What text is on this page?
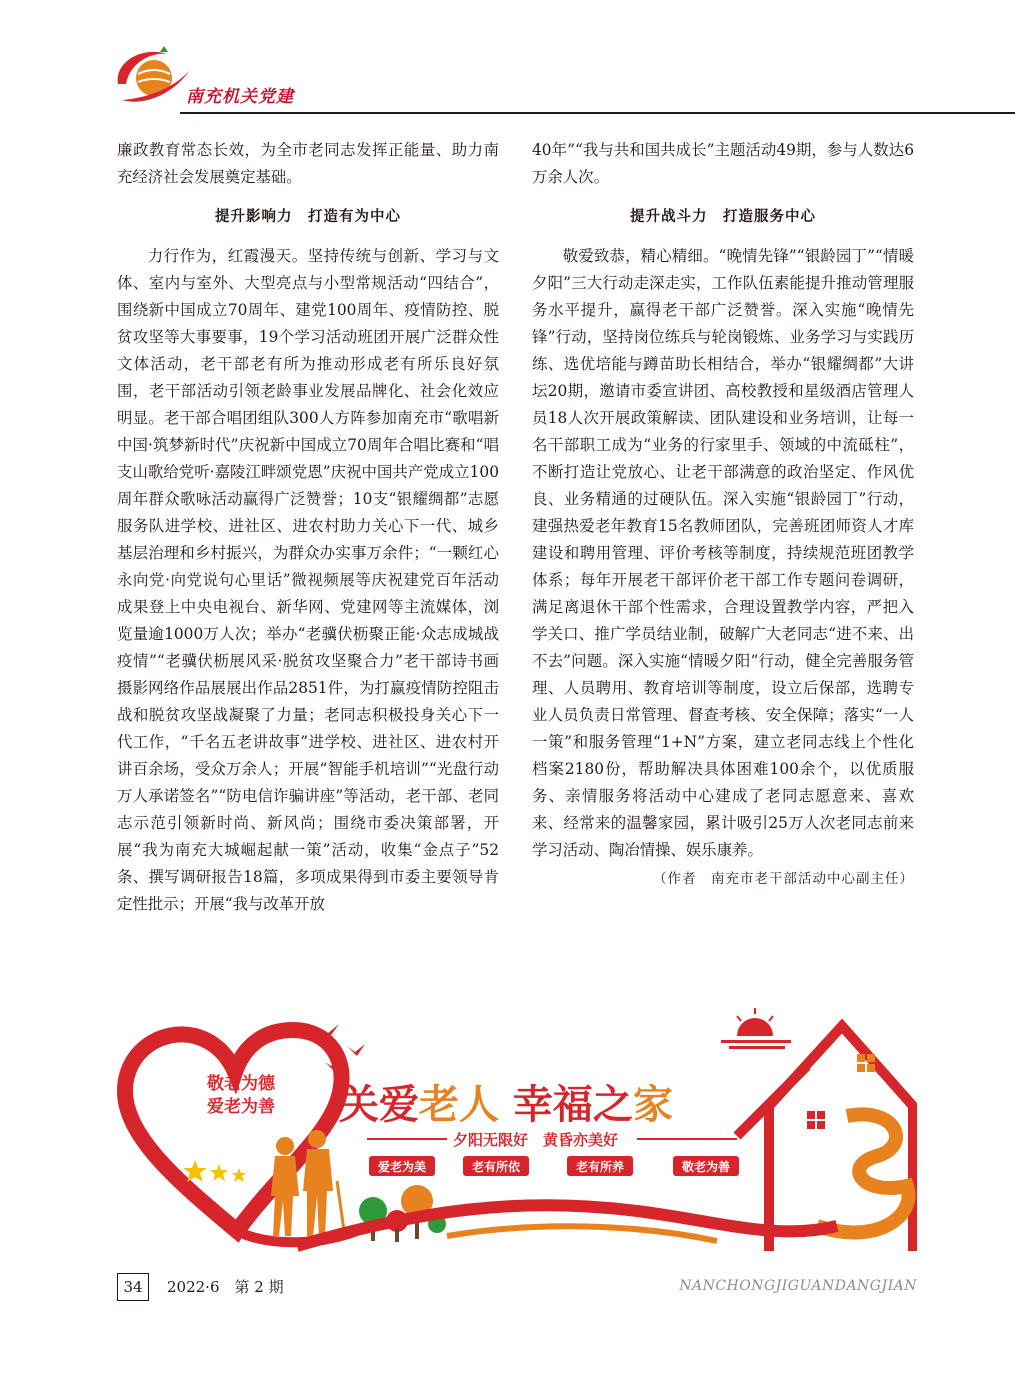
南充机关党建

廉政教育常态长效，为全市老同志发挥正能量、助力南充经济社会发展奠定基础。

提升影响力　打造有为中心

力行作为，红霞漫天。坚持传统与创新、学习与文体、室内与室外、大型亮点与小型常规活动“四结合”，围绕新中国成立70周年、建党100周年、疫情防控、脱贫攻坚等大事要事，19个学习活动班团开展广泛群众性文体活动，老干部老有所为推动形成老有所乐良好氛围，老干部活动引领老龄事业发展品牌化、社会化效应明显。老干部合唱团组队300人方阵参加南充市“歌唱新中国·筑梦新时代”庆祝新中国成立70周年合唱比赛和“唱支山歌给党听·嘉陵江畔颂党恩”庆祝中国共产党成立100周年群众歌咏活动赢得广泛赞誉；10支“银耀绸都”志愿服务队进学校、进社区、进农村助力关心下一代、城乡基层治理和乡村振兴，为群众办实事万余件；“一颗红心永向党·向党说句心里话”微视频展等庆祝建党百年活动成果登上中央电视台、新华网、党建网等主流媒体，浏览量逾1000万人次；举办“老骥伏枥聚正能·众志成城战疫情”“老骥伏枥展风采·脱贫攻坚聚合力”老干部诗书画摄影网络作品展展出作品2851件，为打赢疫情防控阻击战和脱贫攻坚战凝聚了力量；老同志积极投身关心下一代工作，“千名五老讲故事”进学校、进社区、进农村开讲百余场，受众万余人；开展“智能手机培训”“光盘行动万人承诺签名”“防电信诈骗讲座”等活动，老干部、老同志示范引领新时尚、新风尚；围绕市委决策部署，开展“我为南充大城崛起献一策”活动，收集“金点子”52条、撰写调研报告18篇，多项成果得到市委主要领导肯定性批示；开展“我与改革开放

40年”“我与共和国共成长”主题活动49期，参与人数达6万余人次。

提升战斗力　打造服务中心

敬爱致恭，精心精细。“晚情先锋”“银龄园丁”“情暖夕阳”三大行动走深走实，工作队伍素能提升推动管理服务水平提升，赢得老干部广泛赞誉。深入实施“晚情先锋”行动，坚持岗位练兵与轮岗锻炼、业务学习与实践历练、选优培能与蹲苗助长相结合，举办“银耀绸都”大讲坛20期，邀请市委宣讲团、高校教授和星级酒店管理人员18人次开展政策解读、团队建设和业务培训，让每一名干部职工成为“业务的行家里手、领域的中流砥柱”，不断打造让党放心、让老干部满意的政治坚定、作风优良、业务精通的过硬队伍。深入实施“银龄园丁”行动，建强热爱老年教育15名教师团队，完善班团师资人才库建设和聘用管理、评价考核等制度，持续规范班团教学体系；每年开展老干部评价老干部工作专题问卷调研，满足离退休干部个性需求，合理设置教学内容，严把入学关口、推广学员结业制，破解广大老同志“进不来、出不去”问题。深入实施“情暖夕阳”行动，健全完善服务管理、人员聘用、教育培训等制度，设立后保部，选聘专业人员负责日常管理、督查考核、安全保障；落实“一人一策”和服务管理“1+N”方案，建立老同志线上个性化档案2180份，帮助解决具体困难100余个，以优质服务、亲情服务将活动中心建成了老同志愿意来、喜欢来、经常来的温馨家园，累计吸引25万人次老同志前来学习活动、陶冶情操、娱乐康养。

（作者　南充市老干部活动中心副主任）

敬老为德
爱老为善 关爱老人 幸福之家
夕阳无限好　黄昏亦美好
爱老为美	老有所依	老有所养	敬老为善
34	2022·6　第 2 期	NANCHONGJIGUANDANGJIAN
